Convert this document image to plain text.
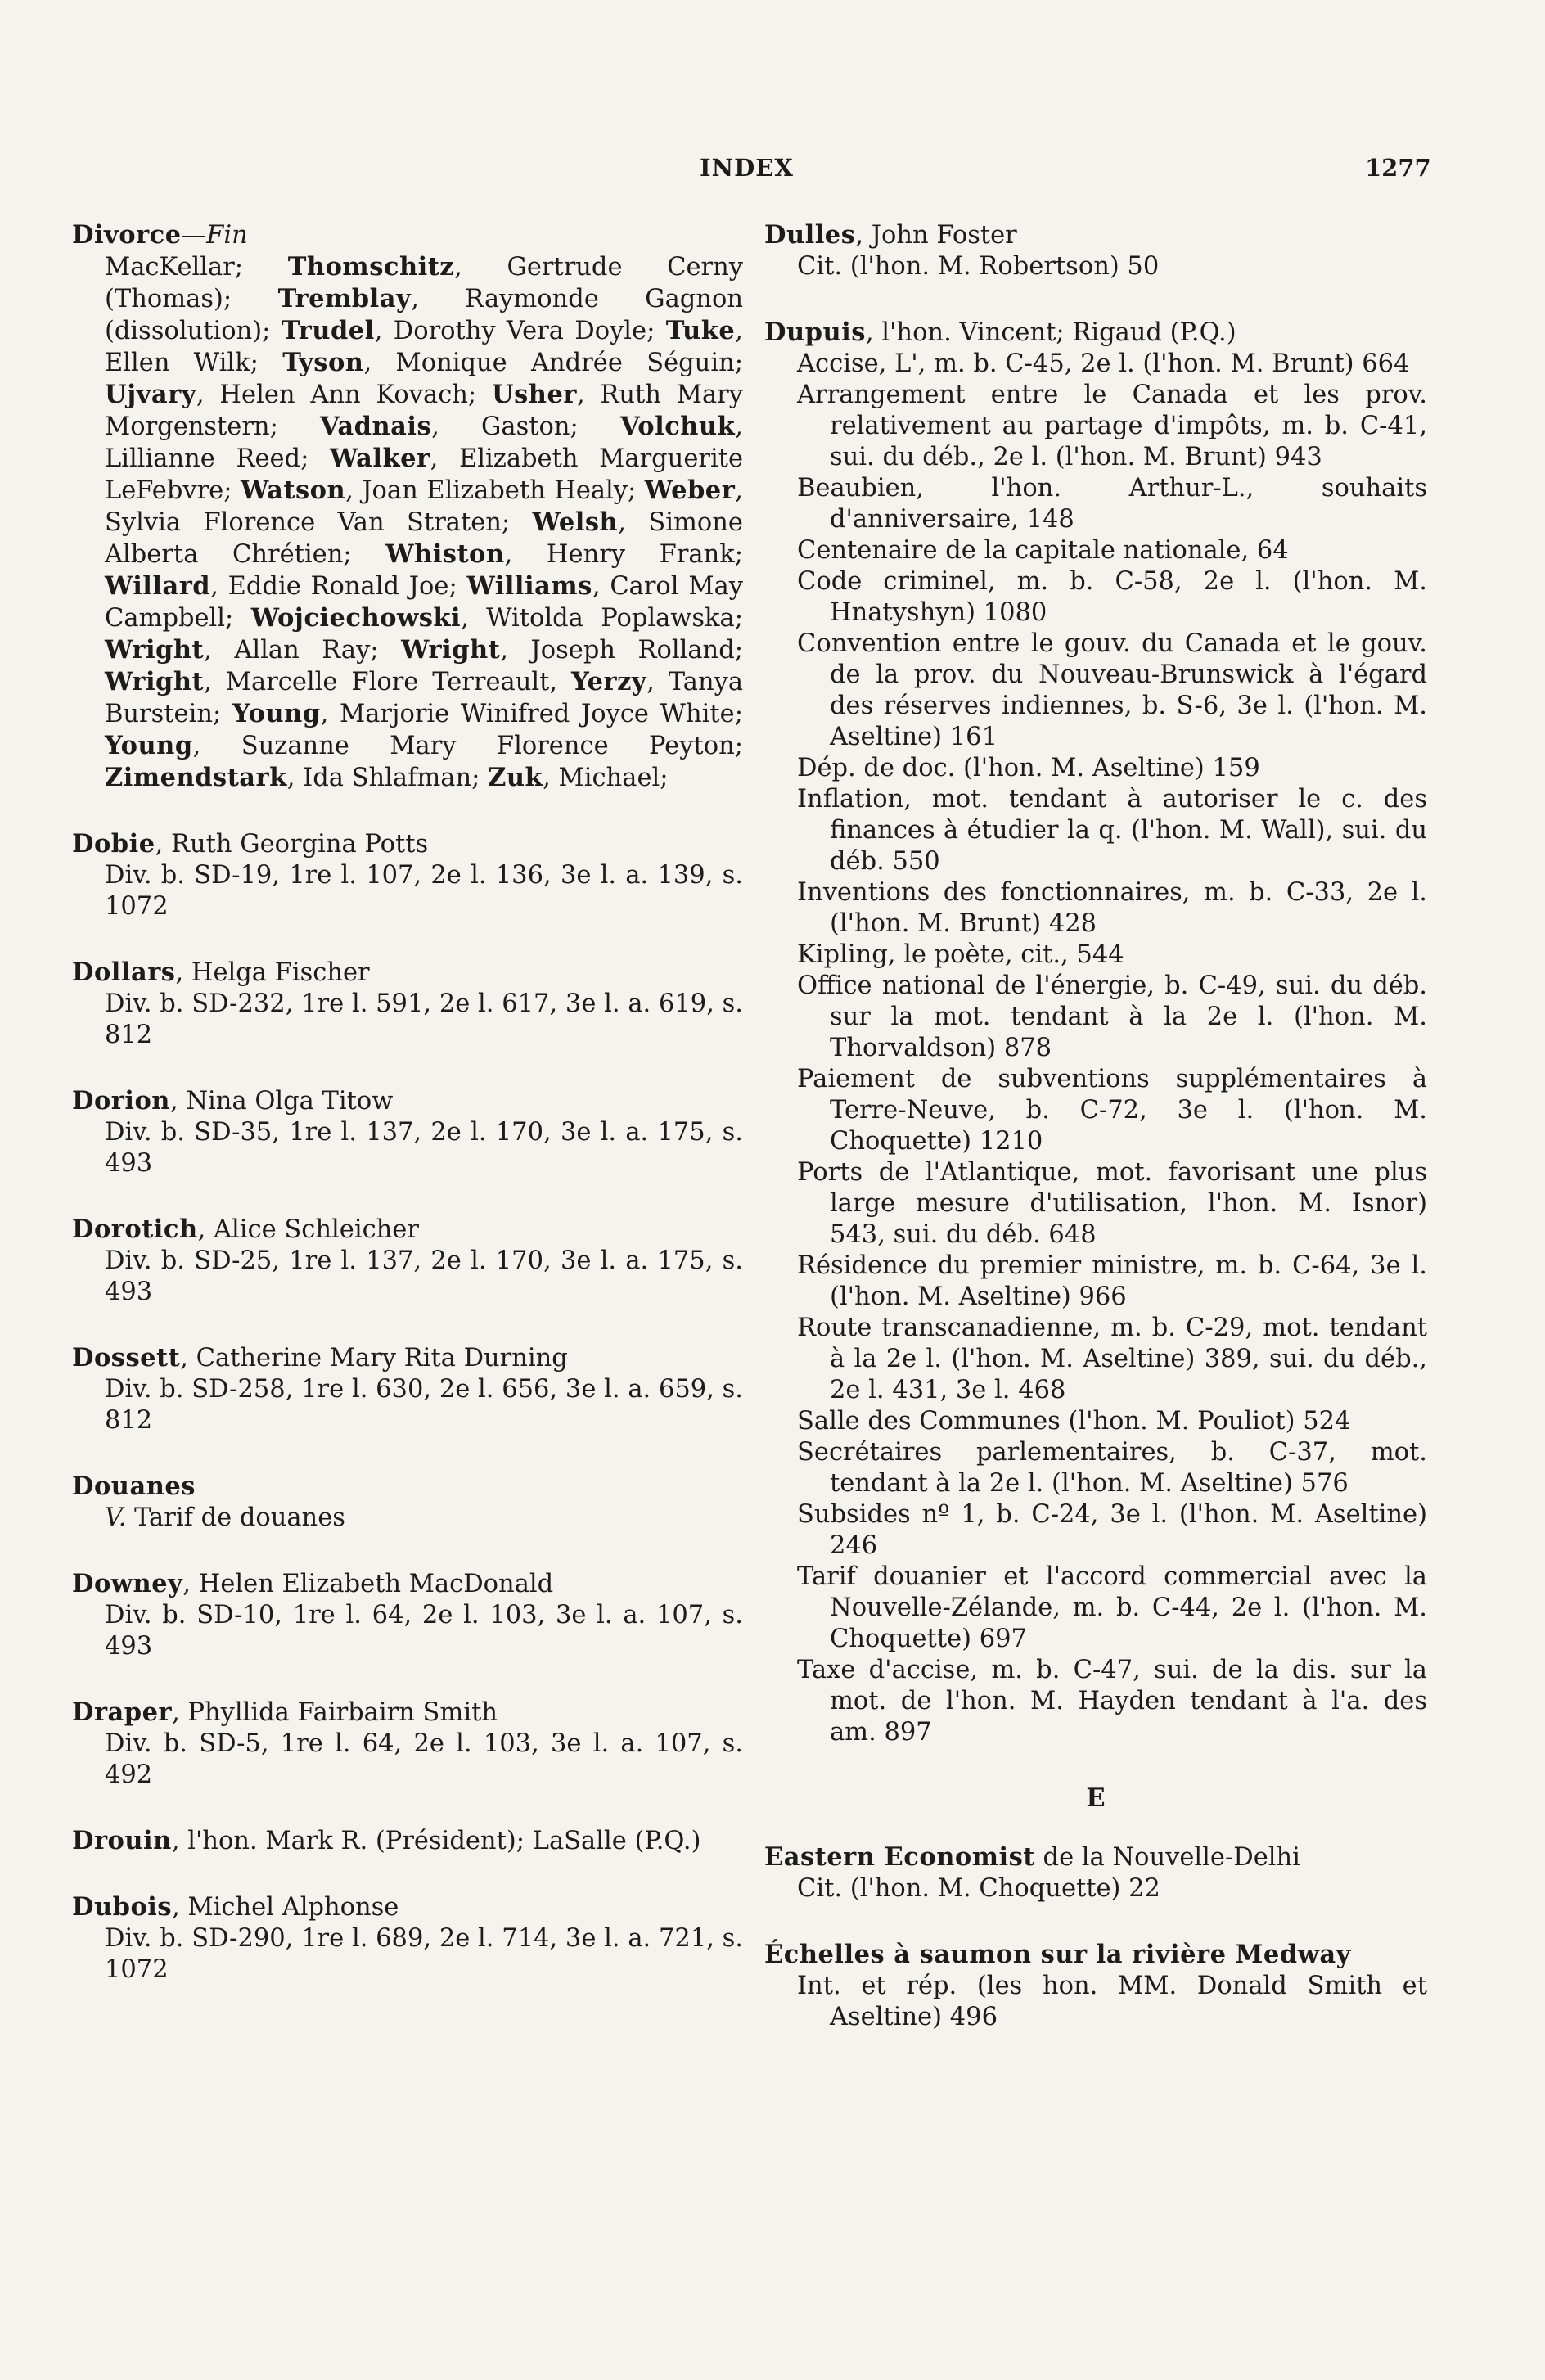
INDEX	1277
Divorce—Fin
MacKellar; Thomschitz, Gertrude Cerny (Thomas); Tremblay, Raymonde Gagnon (dissolution); Trudel, Dorothy Vera Doyle; Tuke, Ellen Wilk; Tyson, Monique Andrée Séguin; Ujvary, Helen Ann Kovach; Usher, Ruth Mary Morgenstern; Vadnais, Gaston; Volchuk, Lillianne Reed; Walker, Elizabeth Marguerite LeFebvre; Watson, Joan Elizabeth Healy; Weber, Sylvia Florence Van Straten; Welsh, Simone Alberta Chrétien; Whiston, Henry Frank; Willard, Eddie Ronald Joe; Williams, Carol May Campbell; Wojciechowski, Witolda Poplawska; Wright, Allan Ray; Wright, Joseph Rolland; Wright, Marcelle Flore Terreault, Yerzy, Tanya Burstein; Young, Marjorie Winifred Joyce White; Young, Suzanne Mary Florence Peyton; Zimendstark, Ida Shlafman; Zuk, Michael;
Dobie, Ruth Georgina Potts
Div. b. SD-19, 1re l. 107, 2e l. 136, 3e l. a. 139, s. 1072
Dollars, Helga Fischer
Div. b. SD-232, 1re l. 591, 2e l. 617, 3e l. a. 619, s. 812
Dorion, Nina Olga Titow
Div. b. SD-35, 1re l. 137, 2e l. 170, 3e l. a. 175, s. 493
Dorotich, Alice Schleicher
Div. b. SD-25, 1re l. 137, 2e l. 170, 3e l. a. 175, s. 493
Dossett, Catherine Mary Rita Durning
Div. b. SD-258, 1re l. 630, 2e l. 656, 3e l. a. 659, s. 812
Douanes
V. Tarif de douanes
Downey, Helen Elizabeth MacDonald
Div. b. SD-10, 1re l. 64, 2e l. 103, 3e l. a. 107, s. 493
Draper, Phyllida Fairbairn Smith
Div. b. SD-5, 1re l. 64, 2e l. 103, 3e l. a. 107, s. 492
Drouin, l'hon. Mark R. (Président); LaSalle (P.Q.)
Dubois, Michel Alphonse
Div. b. SD-290, 1re l. 689, 2e l. 714, 3e l. a. 721, s. 1072
Dulles, John Foster
Cit. (l'hon. M. Robertson) 50
Dupuis, l'hon. Vincent; Rigaud (P.Q.)
Accise, L', m. b. C-45, 2e l. (l'hon. M. Brunt) 664
Arrangement entre le Canada et les prov. relativement au partage d'impôts, m. b. C-41, sui. du déb., 2e l. (l'hon. M. Brunt) 943
Beaubien, l'hon. Arthur-L., souhaits d'anniversaire, 148
Centenaire de la capitale nationale, 64
Code criminel, m. b. C-58, 2e l. (l'hon. M. Hnatyshyn) 1080
Convention entre le gouv. du Canada et le gouv. de la prov. du Nouveau-Brunswick à l'égard des réserves indiennes, b. S-6, 3e l. (l'hon. M. Aseltine) 161
Dép. de doc. (l'hon. M. Aseltine) 159
Inflation, mot. tendant à autoriser le c. des finances à étudier la q. (l'hon. M. Wall), sui. du déb. 550
Inventions des fonctionnaires, m. b. C-33, 2e l. (l'hon. M. Brunt) 428
Kipling, le poète, cit., 544
Office national de l'énergie, b. C-49, sui. du déb. sur la mot. tendant à la 2e l. (l'hon. M. Thorvaldson) 878
Paiement de subventions supplémentaires à Terre-Neuve, b. C-72, 3e l. (l'hon. M. Choquette) 1210
Ports de l'Atlantique, mot. favorisant une plus large mesure d'utilisation, l'hon. M. Isnor) 543, sui. du déb. 648
Résidence du premier ministre, m. b. C-64, 3e l. (l'hon. M. Aseltine) 966
Route transcanadienne, m. b. C-29, mot. tendant à la 2e l. (l'hon. M. Aseltine) 389, sui. du déb., 2e l. 431, 3e l. 468
Salle des Communes (l'hon. M. Pouliot) 524
Secrétaires parlementaires, b. C-37, mot. tendant à la 2e l. (l'hon. M. Aseltine) 576
Subsides nº 1, b. C-24, 3e l. (l'hon. M. Aseltine) 246
Tarif douanier et l'accord commercial avec la Nouvelle-Zélande, m. b. C-44, 2e l. (l'hon. M. Choquette) 697
Taxe d'accise, m. b. C-47, sui. de la dis. sur la mot. de l'hon. M. Hayden tendant à l'a. des am. 897
E
Eastern Economist de la Nouvelle-Delhi
Cit. (l'hon. M. Choquette) 22
Échelles à saumon sur la rivière Medway
Int. et rép. (les hon. MM. Donald Smith et Aseltine) 496
